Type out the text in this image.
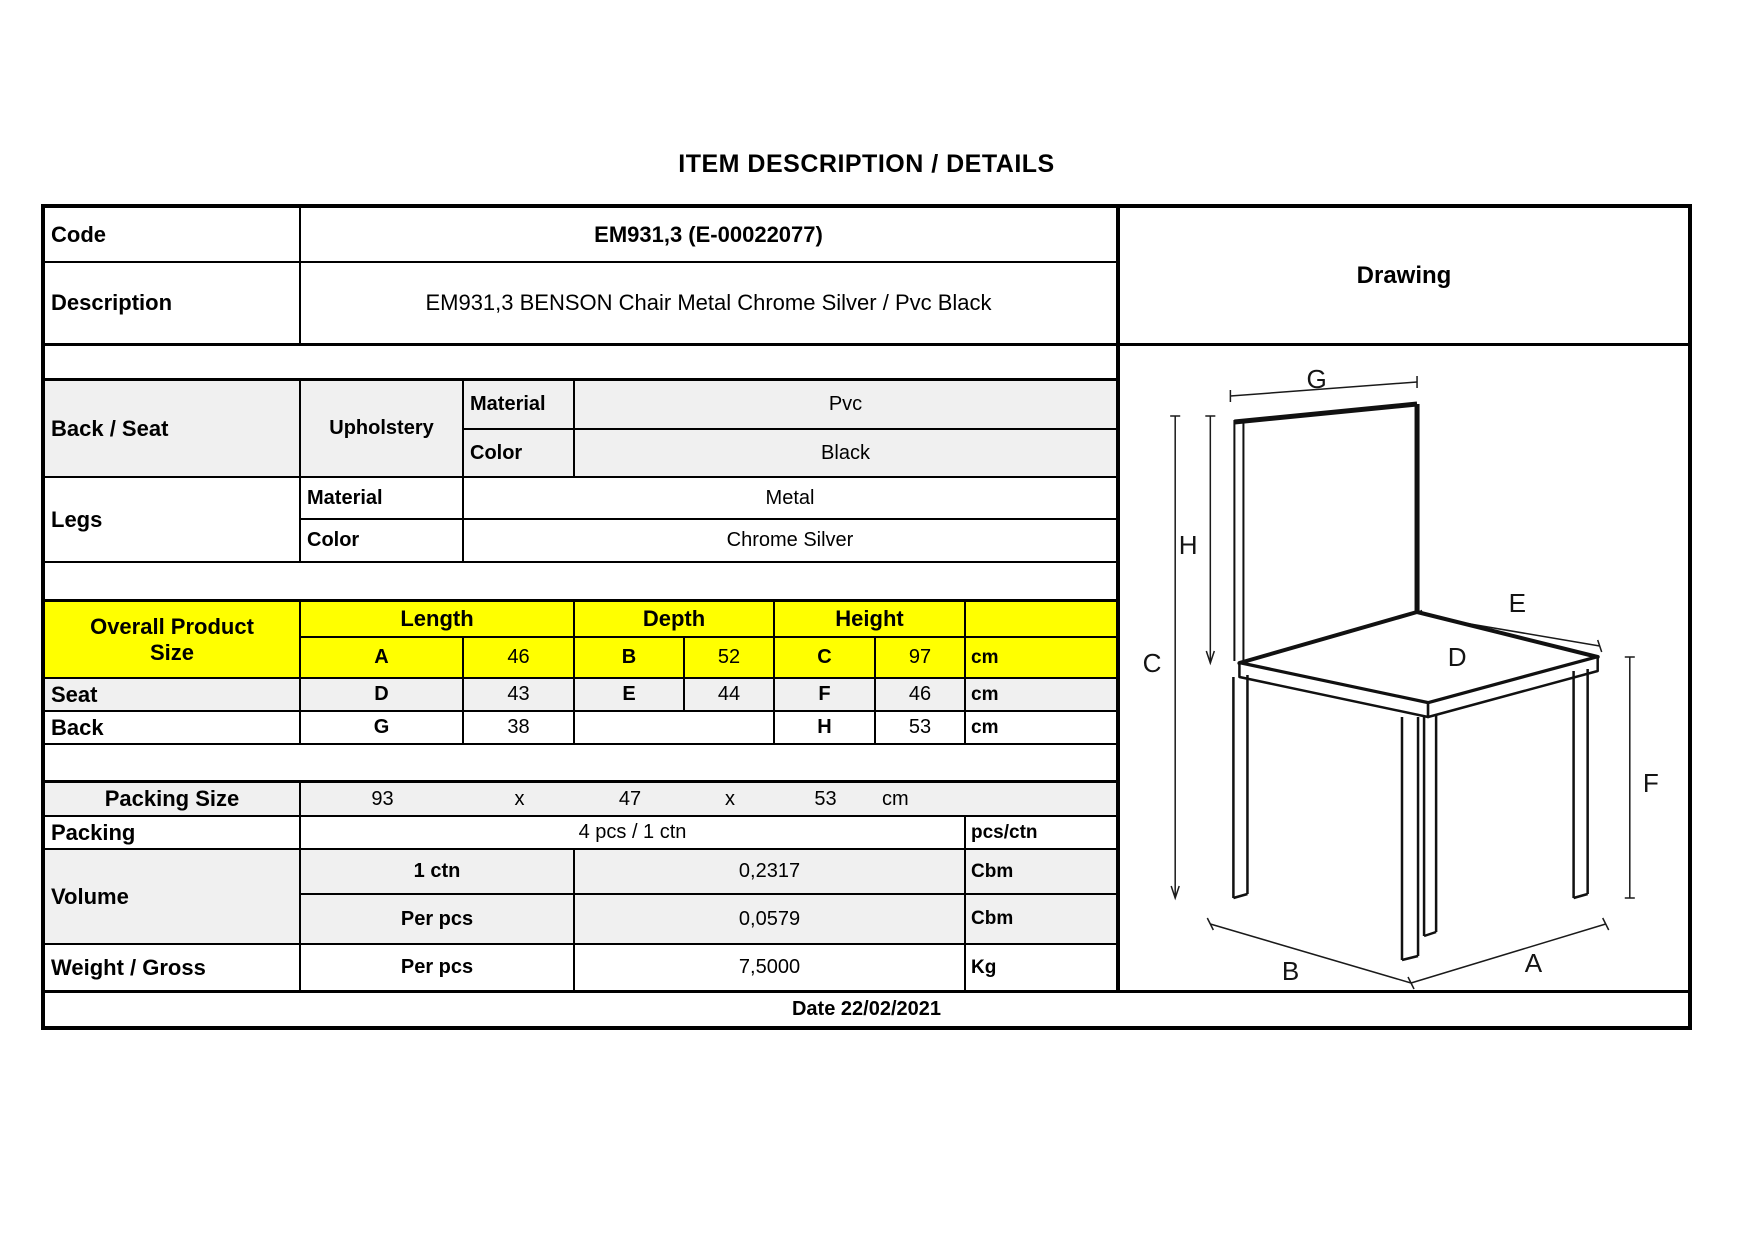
ITEM DESCRIPTION / DETAILS
Code	EM931,3 (E-00022077)
Drawing
Description	EM931,3 BENSON Chair Metal Chrome Silver / Pvc Black
G
H
C
E
D
F
B	A
Back / Seat	Upholstery
Material	Pvc
Color	Black
Legs
Material	Metal
Color	Chrome Silver
Overall Product
Size
Length	Depth	Height
A	46	B	52	C	97	cm
Seat	D	43	E	44	F	46	cm
Back	G	38	H	53	cm
Packing Size	93	x	47	x	53	cm
Packing	4 pcs / 1 ctn	pcs/ctn
Volume
1 ctn	0,2317	Cbm
Per pcs	0,0579	Cbm
Weight / Gross	Per pcs	7,5000	Kg
Date 22/02/2021
